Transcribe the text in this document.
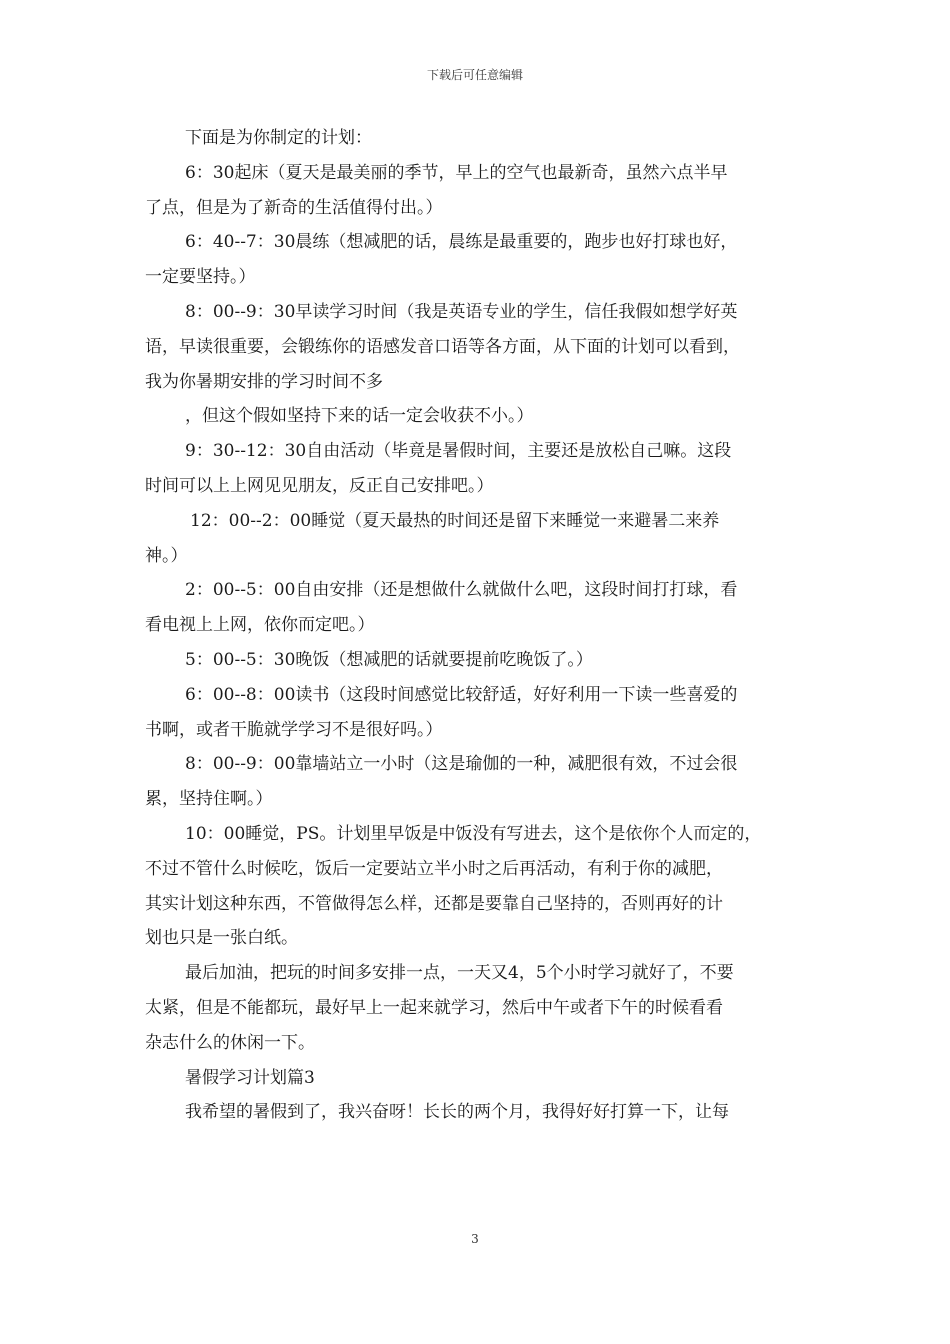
下载后可任意编辑
下面是为你制定的计划：
6：30起床（夏天是最美丽的季节，早上的空气也最新奇，虽然六点半早
了点，但是为了新奇的生活值得付出。）
6：40--7：30晨练（想减肥的话，晨练是最重要的，跑步也好打球也好，
一定要坚持。）
8：00--9：30早读学习时间（我是英语专业的学生，信任我假如想学好英
语，早读很重要，会锻练你的语感发音口语等各方面，从下面的计划可以看到，
我为你暑期安排的学习时间不多
，但这个假如坚持下来的话一定会收获不小。）
9：30--12：30自由活动（毕竟是暑假时间，主要还是放松自己嘛。这段
时间可以上上网见见朋友，反正自己安排吧。）
12：00--2：00睡觉（夏天最热的时间还是留下来睡觉一来避暑二来养
神。）
2：00--5：00自由安排（还是想做什么就做什么吧，这段时间打打球，看
看电视上上网，依你而定吧。）
5：00--5：30晚饭（想减肥的话就要提前吃晚饭了。）
6：00--8：00读书（这段时间感觉比较舒适，好好利用一下读一些喜爱的
书啊，或者干脆就学学习不是很好吗。）
8：00--9：00靠墙站立一小时（这是瑜伽的一种，减肥很有效，不过会很
累，坚持住啊。）
10：00睡觉，PS。计划里早饭是中饭没有写进去，这个是依你个人而定的，
不过不管什么时候吃，饭后一定要站立半小时之后再活动，有利于你的减肥，
其实计划这种东西，不管做得怎么样，还都是要靠自己坚持的，否则再好的计
划也只是一张白纸。
最后加油，把玩的时间多安排一点，一天又4，5个小时学习就好了，不要
太紧，但是不能都玩，最好早上一起来就学习，然后中午或者下午的时候看看
杂志什么的休闲一下。
暑假学习计划篇3
我希望的暑假到了，我兴奋呀！长长的两个月，我得好好打算一下，让每
3
